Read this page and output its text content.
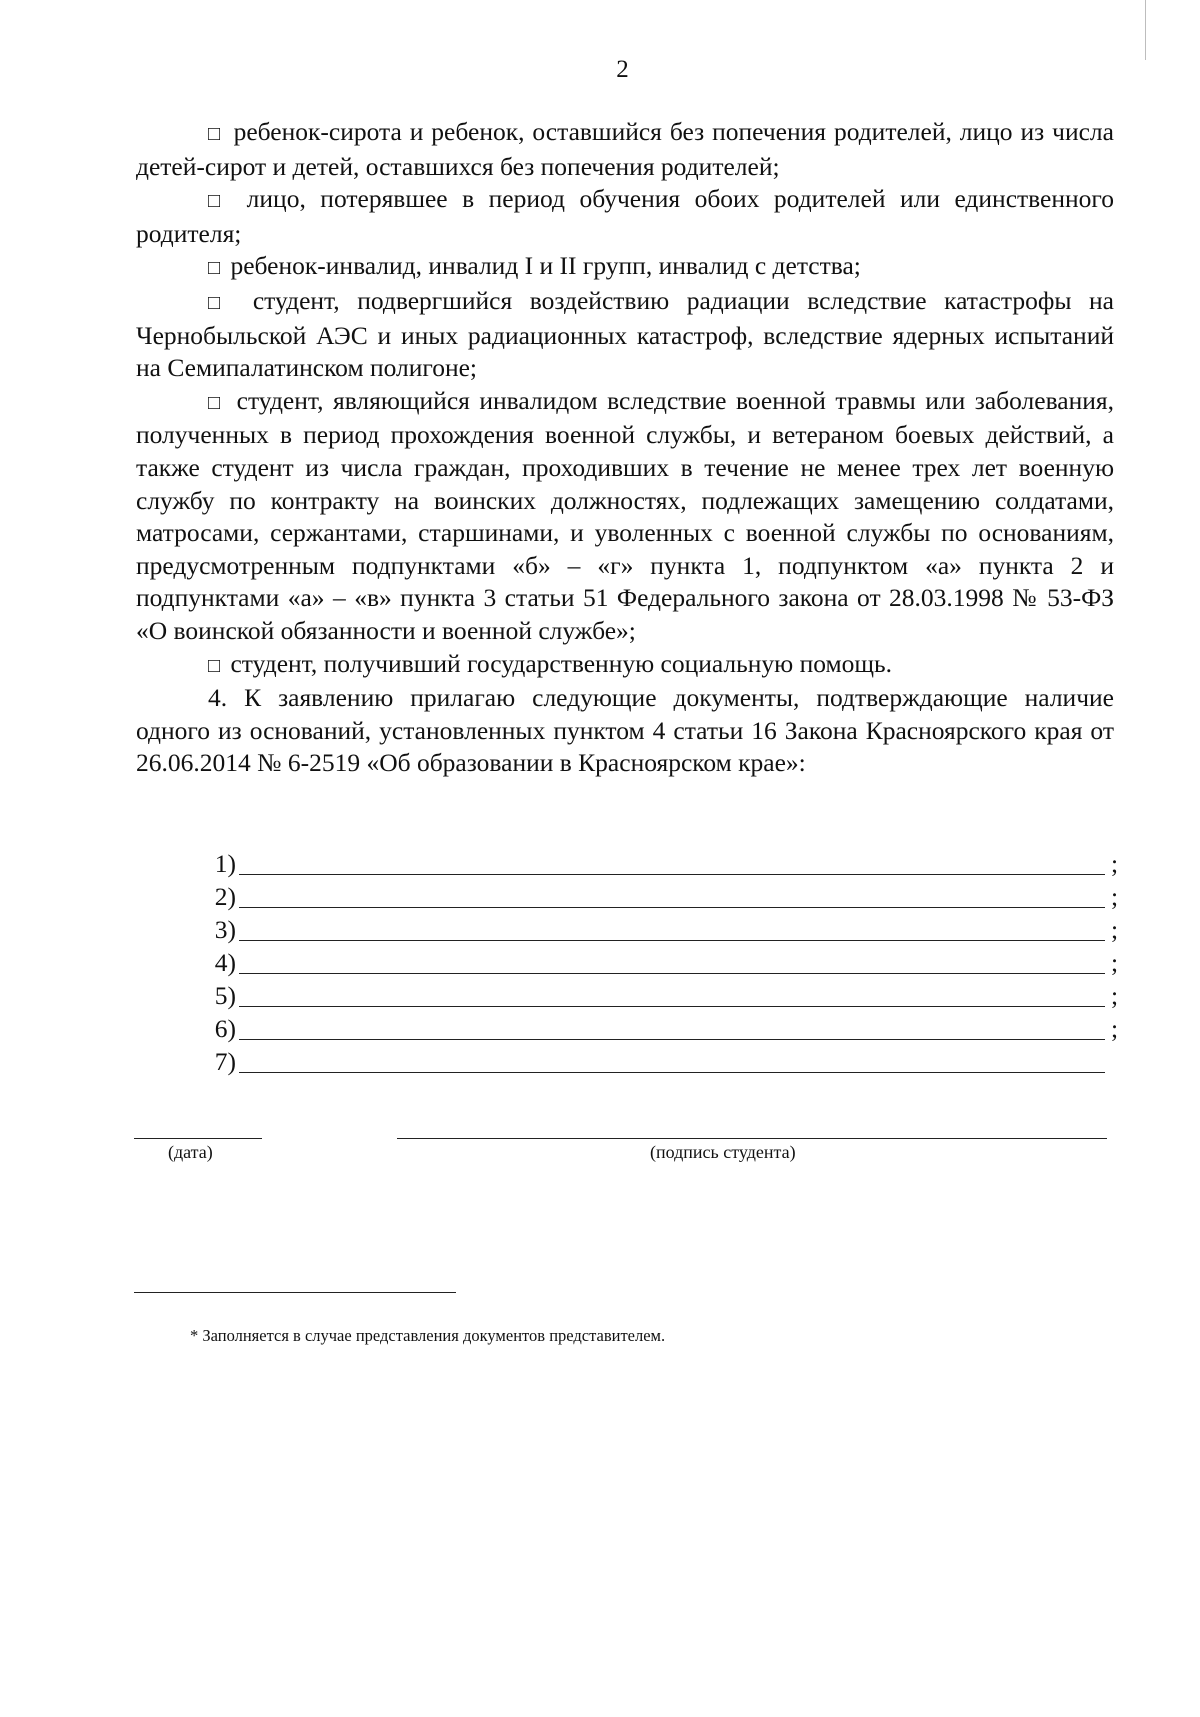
2

□ ребенок-сирота и ребенок, оставшийся без попечения родителей, лицо из числа детей-сирот и детей, оставшихся без попечения родителей;

□ лицо, потерявшее в период обучения обоих родителей или единственного родителя;

□ ребенок-инвалид, инвалид I и II групп, инвалид с детства;

□ студент, подвергшийся воздействию радиации вследствие катастрофы на Чернобыльской АЭС и иных радиационных катастроф, вследствие ядерных испытаний на Семипалатинском полигоне;

□ студент, являющийся инвалидом вследствие военной травмы или заболевания, полученных в период прохождения военной службы, и ветераном боевых действий, а также студент из числа граждан, проходивших в течение не менее трех лет военную службу по контракту на воинских должностях, подлежащих замещению солдатами, матросами, сержантами, старшинами, и уволенных с военной службы по основаниям, предусмотренным подпунктами «б» – «г» пункта 1, подпунктом «а» пункта 2 и подпунктами «а» – «в» пункта 3 статьи 51 Федерального закона от 28.03.1998 № 53-ФЗ «О воинской обязанности и военной службе»;

□ студент, получивший государственную социальную помощь.

4. К заявлению прилагаю следующие документы, подтверждающие наличие одного из оснований, установленных пунктом 4 статьи 16 Закона Красноярского края от 26.06.2014 № 6-2519 «Об образовании в Красноярском крае»:

1)	;
2)	;
3)	;
4)	;
5)	;
6)	;
7)
(дата)	(подпись студента)
* Заполняется в случае представления документов представителем.
